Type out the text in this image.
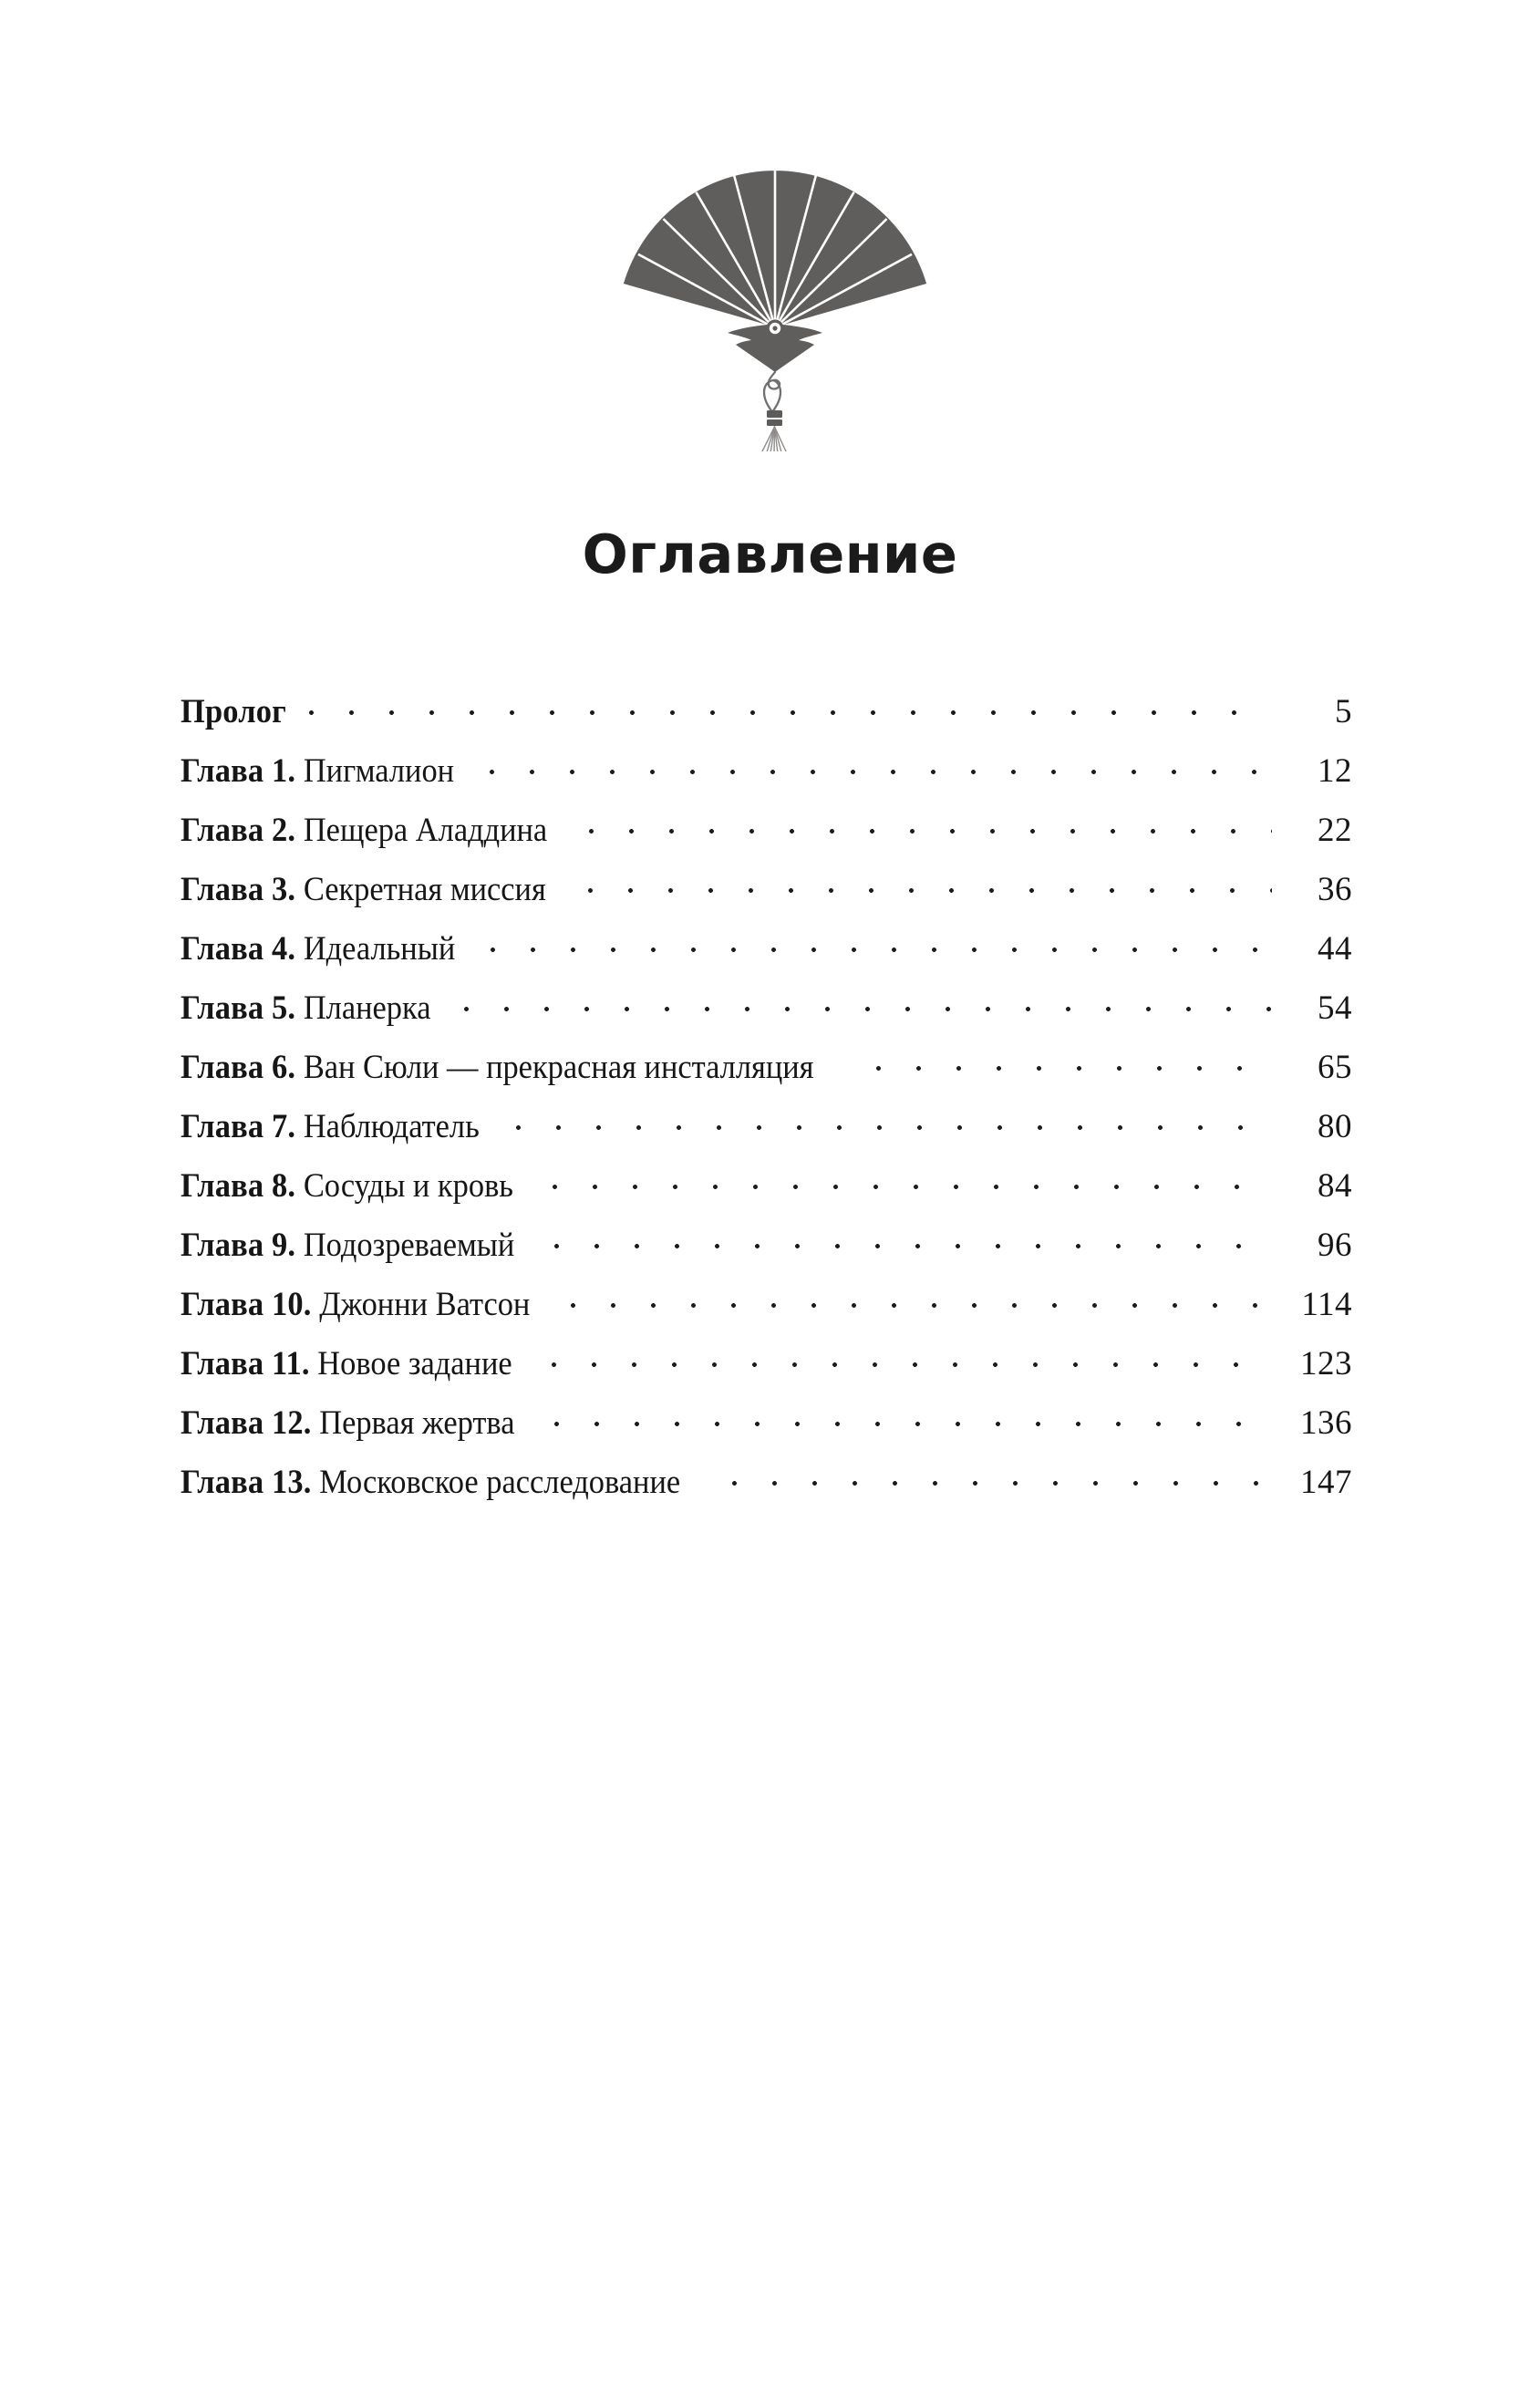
Оглавление
Пролог	5
Глава 1. Пигмалион	12
Глава 2. Пещера Аладдина	22
Глава 3. Секретная миссия	36
Глава 4. Идеальный	44
Глава 5. Планерка	54
Глава 6. Ван Сюли — прекрасная инсталляция	65
Глава 7. Наблюдатель	80
Глава 8. Сосуды и кровь	84
Глава 9. Подозреваемый	96
Глава 10. Джонни Ватсон	114
Глава 11. Новое задание	123
Глава 12. Первая жертва	136
Глава 13. Московское расследование	147
